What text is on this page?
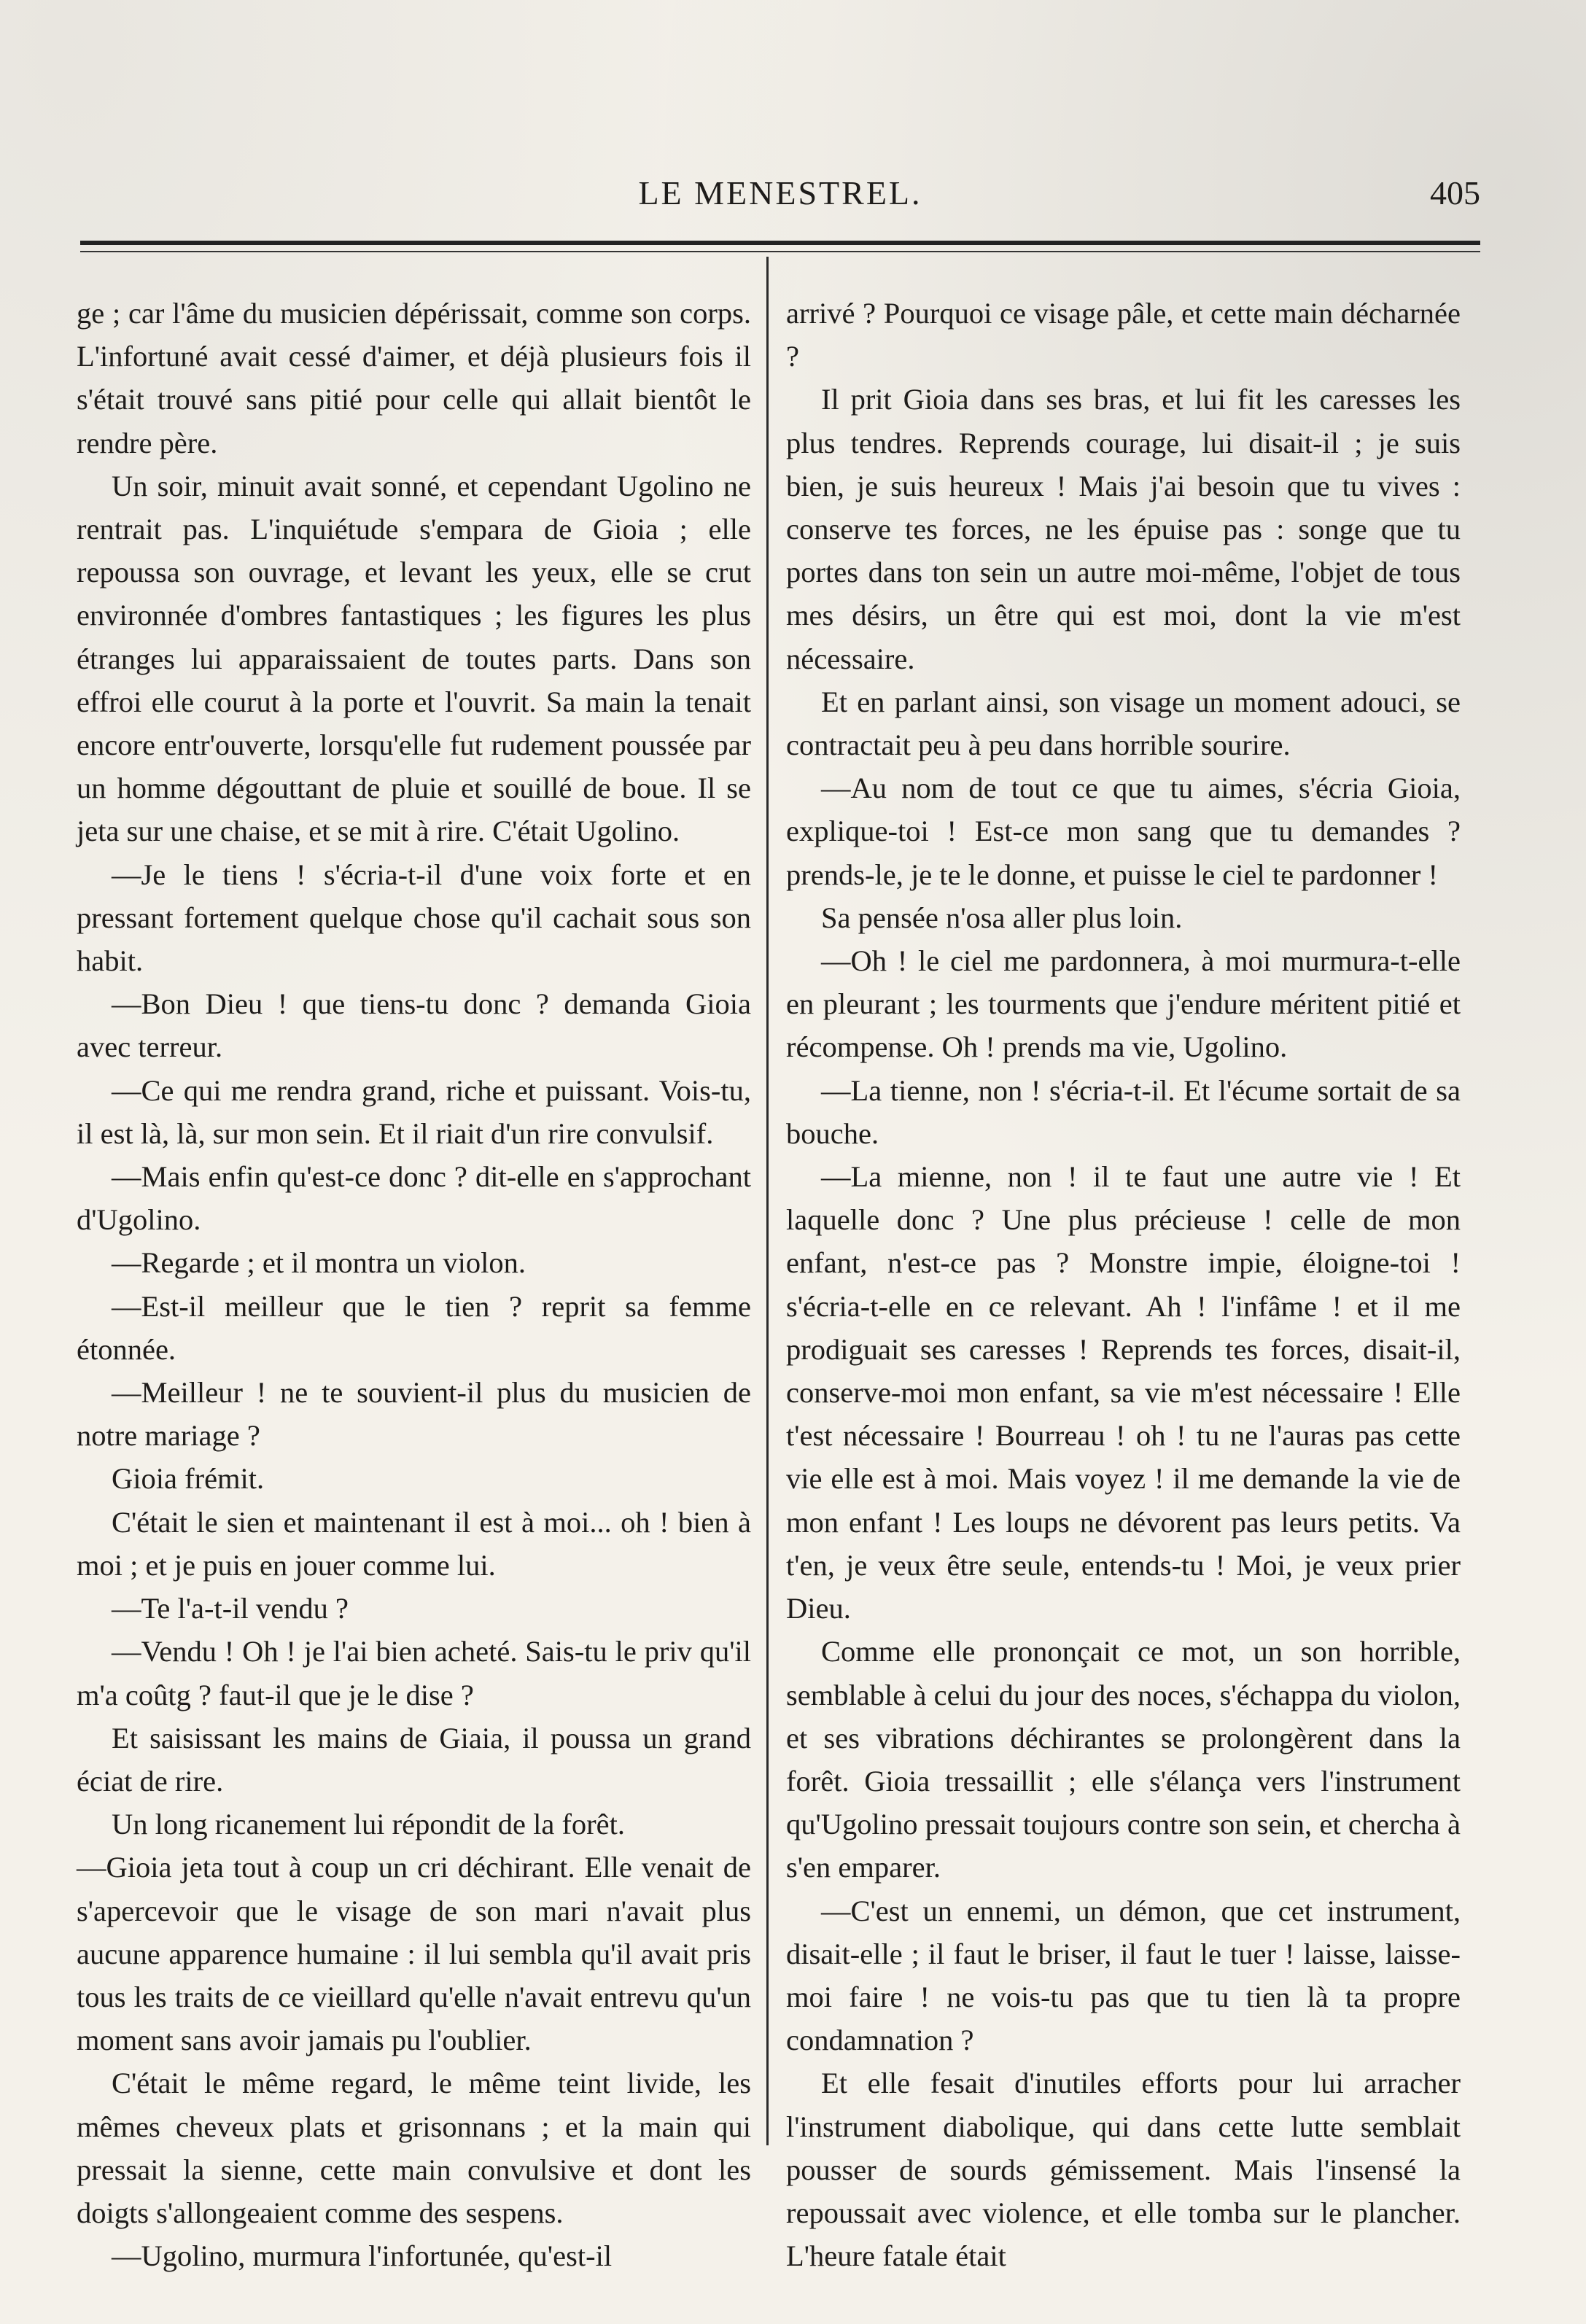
LE MENESTREL.	405

ge ; car l'âme du musicien dépérissait, comme son corps. L'infortuné avait cessé d'aimer, et déjà plusieurs fois il s'était trouvé sans pitié pour celle qui allait bientôt le rendre père.

Un soir, minuit avait sonné, et cependant Ugolino ne rentrait pas. L'inquiétude s'empara de Gioia ; elle repoussa son ouvrage, et levant les yeux, elle se crut environnée d'ombres fantastiques ; les figures les plus étranges lui apparaissaient de toutes parts. Dans son effroi elle courut à la porte et l'ouvrit. Sa main la tenait encore entr'ouverte, lorsqu'elle fut rudement poussée par un homme dégouttant de pluie et souillé de boue. Il se jeta sur une chaise, et se mit à rire. C'était Ugolino.

—Je le tiens ! s'écria-t-il d'une voix forte et en pressant fortement quelque chose qu'il cachait sous son habit.

—Bon Dieu ! que tiens-tu donc ? demanda Gioia avec terreur.

—Ce qui me rendra grand, riche et puissant. Vois-tu, il est là, là, sur mon sein. Et il riait d'un rire convulsif.

—Mais enfin qu'est-ce donc ? dit-elle en s'approchant d'Ugolino.

—Regarde ; et il montra un violon.

—Est-il meilleur que le tien ? reprit sa femme étonnée.

—Meilleur ! ne te souvient-il plus du musicien de notre mariage ?

Gioia frémit.

C'était le sien et maintenant il est à moi... oh ! bien à moi ; et je puis en jouer comme lui.

—Te l'a-t-il vendu ?

—Vendu ! Oh ! je l'ai bien acheté. Sais-tu le priv qu'il m'a coûtg ? faut-il que je le dise ?

Et saisissant les mains de Giaia, il poussa un grand éciat de rire.

Un long ricanement lui répondit de la forêt.

—Gioia jeta tout à coup un cri déchirant. Elle venait de s'apercevoir que le visage de son mari n'avait plus aucune apparence humaine : il lui sembla qu'il avait pris tous les traits de ce vieillard qu'elle n'avait entrevu qu'un moment sans avoir jamais pu l'oublier.

C'était le même regard, le même teint livide, les mêmes cheveux plats et grisonnans ; et la main qui pressait la sienne, cette main convulsive et dont les doigts s'allongeaient comme des sespens.

—Ugolino, murmura l'infortunée, qu'est-il

arrivé ? Pourquoi ce visage pâle, et cette main décharnée ?

Il prit Gioia dans ses bras, et lui fit les caresses les plus tendres. Reprends courage, lui disait-il ; je suis bien, je suis heureux ! Mais j'ai besoin que tu vives : conserve tes forces, ne les épuise pas : songe que tu portes dans ton sein un autre moi-même, l'objet de tous mes désirs, un être qui est moi, dont la vie m'est nécessaire.

Et en parlant ainsi, son visage un moment adouci, se contractait peu à peu dans horrible sourire.

—Au nom de tout ce que tu aimes, s'écria Gioia, explique-toi ! Est-ce mon sang que tu demandes ? prends-le, je te le donne, et puisse le ciel te pardonner !

Sa pensée n'osa aller plus loin.

—Oh ! le ciel me pardonnera, à moi murmura-t-elle en pleurant ; les tourments que j'endure méritent pitié et récompense. Oh ! prends ma vie, Ugolino.

—La tienne, non ! s'écria-t-il. Et l'écume sortait de sa bouche.

—La mienne, non ! il te faut une autre vie ! Et laquelle donc ? Une plus précieuse ! celle de mon enfant, n'est-ce pas ? Monstre impie, éloigne-toi ! s'écria-t-elle en ce relevant. Ah ! l'infâme ! et il me prodiguait ses caresses ! Reprends tes forces, disait-il, conserve-moi mon enfant, sa vie m'est nécessaire ! Elle t'est nécessaire ! Bourreau ! oh ! tu ne l'auras pas cette vie elle est à moi. Mais voyez ! il me demande la vie de mon enfant ! Les loups ne dévorent pas leurs petits. Va t'en, je veux être seule, entends-tu ! Moi, je veux prier Dieu.

Comme elle prononçait ce mot, un son horrible, semblable à celui du jour des noces, s'échappa du violon, et ses vibrations déchirantes se prolongèrent dans la forêt. Gioia tressaillit ; elle s'élança vers l'instrument qu'Ugolino pressait toujours contre son sein, et chercha à s'en emparer.

—C'est un ennemi, un démon, que cet instrument, disait-elle ; il faut le briser, il faut le tuer ! laisse, laisse-moi faire ! ne vois-tu pas que tu tien là ta propre condamnation ?

Et elle fesait d'inutiles efforts pour lui arracher l'instrument diabolique, qui dans cette lutte semblait pousser de sourds gémissement. Mais l'insensé la repoussait avec violence, et elle tomba sur le plancher. L'heure fatale était
